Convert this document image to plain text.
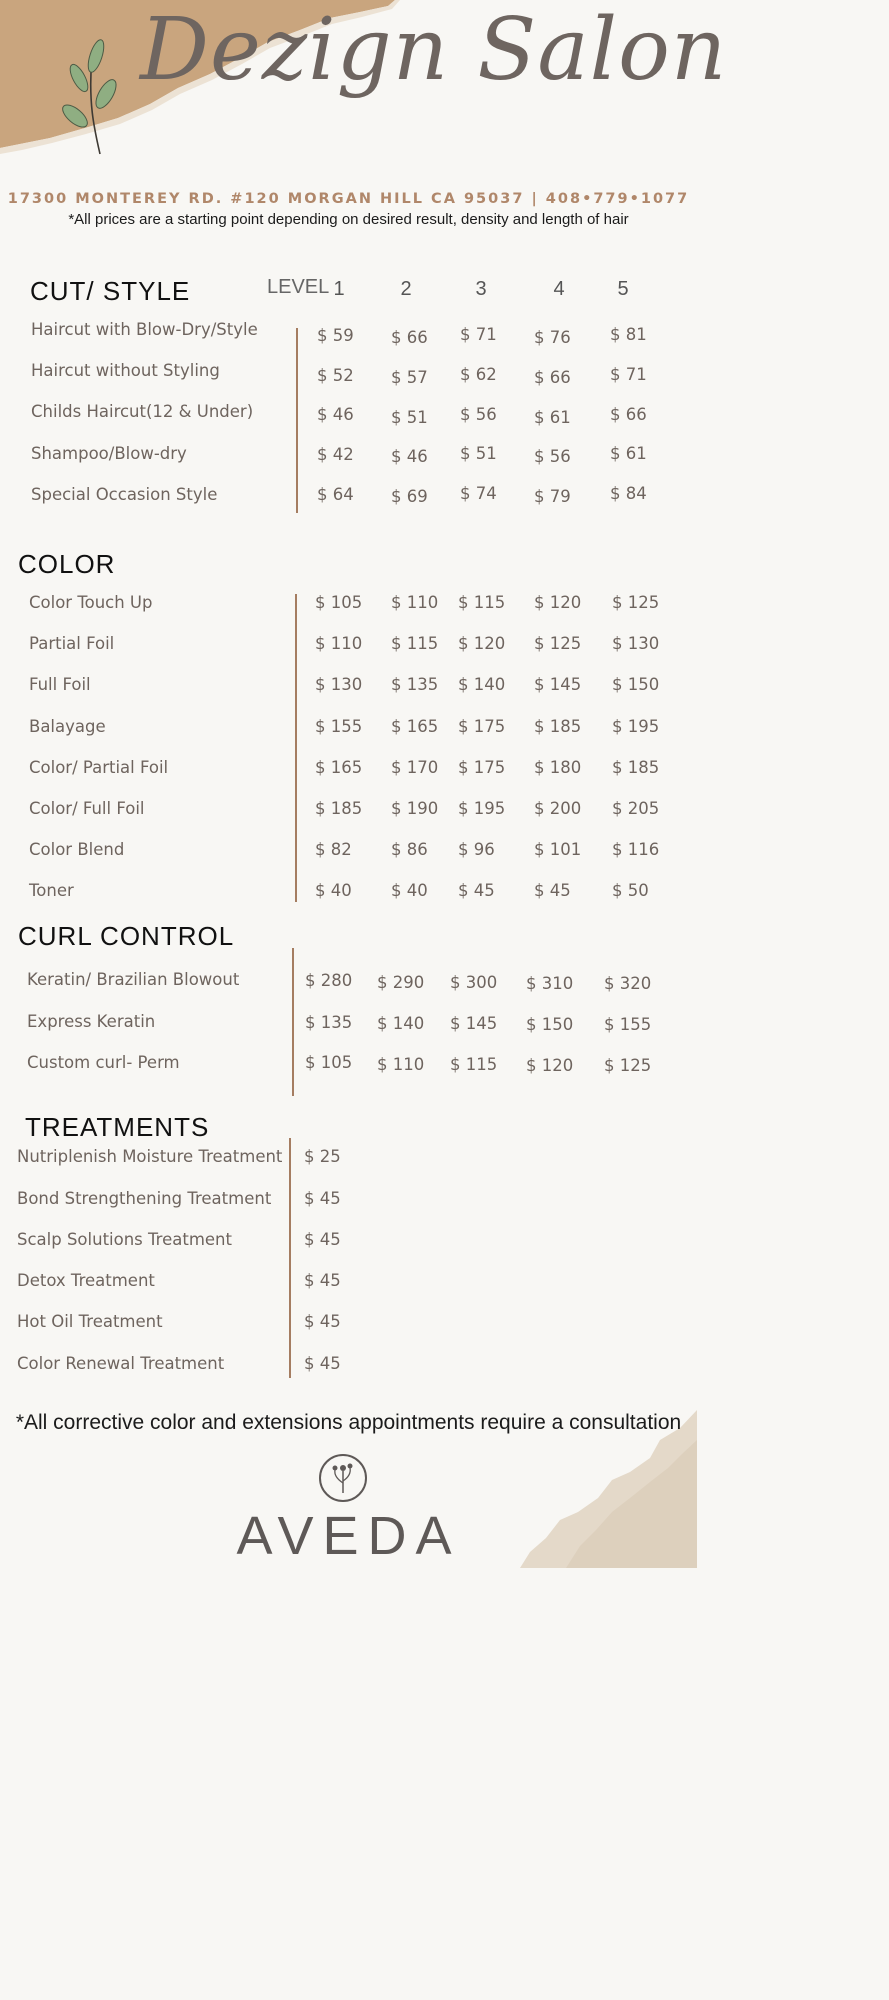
Dezign Salon
17300 MONTEREY RD. #120 MORGAN HILL CA 95037 | 408•779•1077
*All prices are a starting point depending on desired result, density and length of hair
CUT/ STYLE	LEVEL 1	2	3	4	5
Haircut with Blow-Dry/Style	$ 59 $ 66 $ 71 $ 76 $ 81
Haircut without Styling	$ 52 $ 57 $ 62 $ 66 $ 71
Childs Haircut(12 & Under)	$ 46 $ 51 $ 56 $ 61 $ 66
Shampoo/Blow-dry	$ 42 $ 46 $ 51 $ 56 $ 61
Special Occasion Style	$ 64 $ 69 $ 74 $ 79 $ 84
COLOR
Color Touch Up	$ 105 $ 110 $ 115 $ 120 $ 125
Partial Foil	$ 110 $ 115 $ 120 $ 125 $ 130
Full Foil	$ 130 $ 135 $ 140 $ 145 $ 150
Balayage	$ 155 $ 165 $ 175 $ 185 $ 195
Color/ Partial Foil	$ 165 $ 170 $ 175 $ 180 $ 185
Color/ Full Foil	$ 185 $ 190 $ 195 $ 200 $ 205
Color Blend	$ 82 $ 86 $ 96 $ 101 $ 116
Toner	$ 40 $ 40 $ 45 $ 45	$ 50
CURL CONTROL
Keratin/ Brazilian Blowout	$ 280 $ 290 $ 300 $ 310 $ 320
Express Keratin	$ 135 $ 140 $ 145 $ 150 $ 155
Custom curl- Perm	$ 105 $ 110 $ 115 $ 120 $ 125
TREATMENTS
Nutriplenish Moisture Treatment $ 25
Bond Strengthening Treatment $ 45
Scalp Solutions Treatment	$ 45
Detox Treatment	$ 45
Hot Oil Treatment	$ 45
Color Renewal Treatment	$ 45
*All corrective color and extensions appointments require a consultation
AVEDA
